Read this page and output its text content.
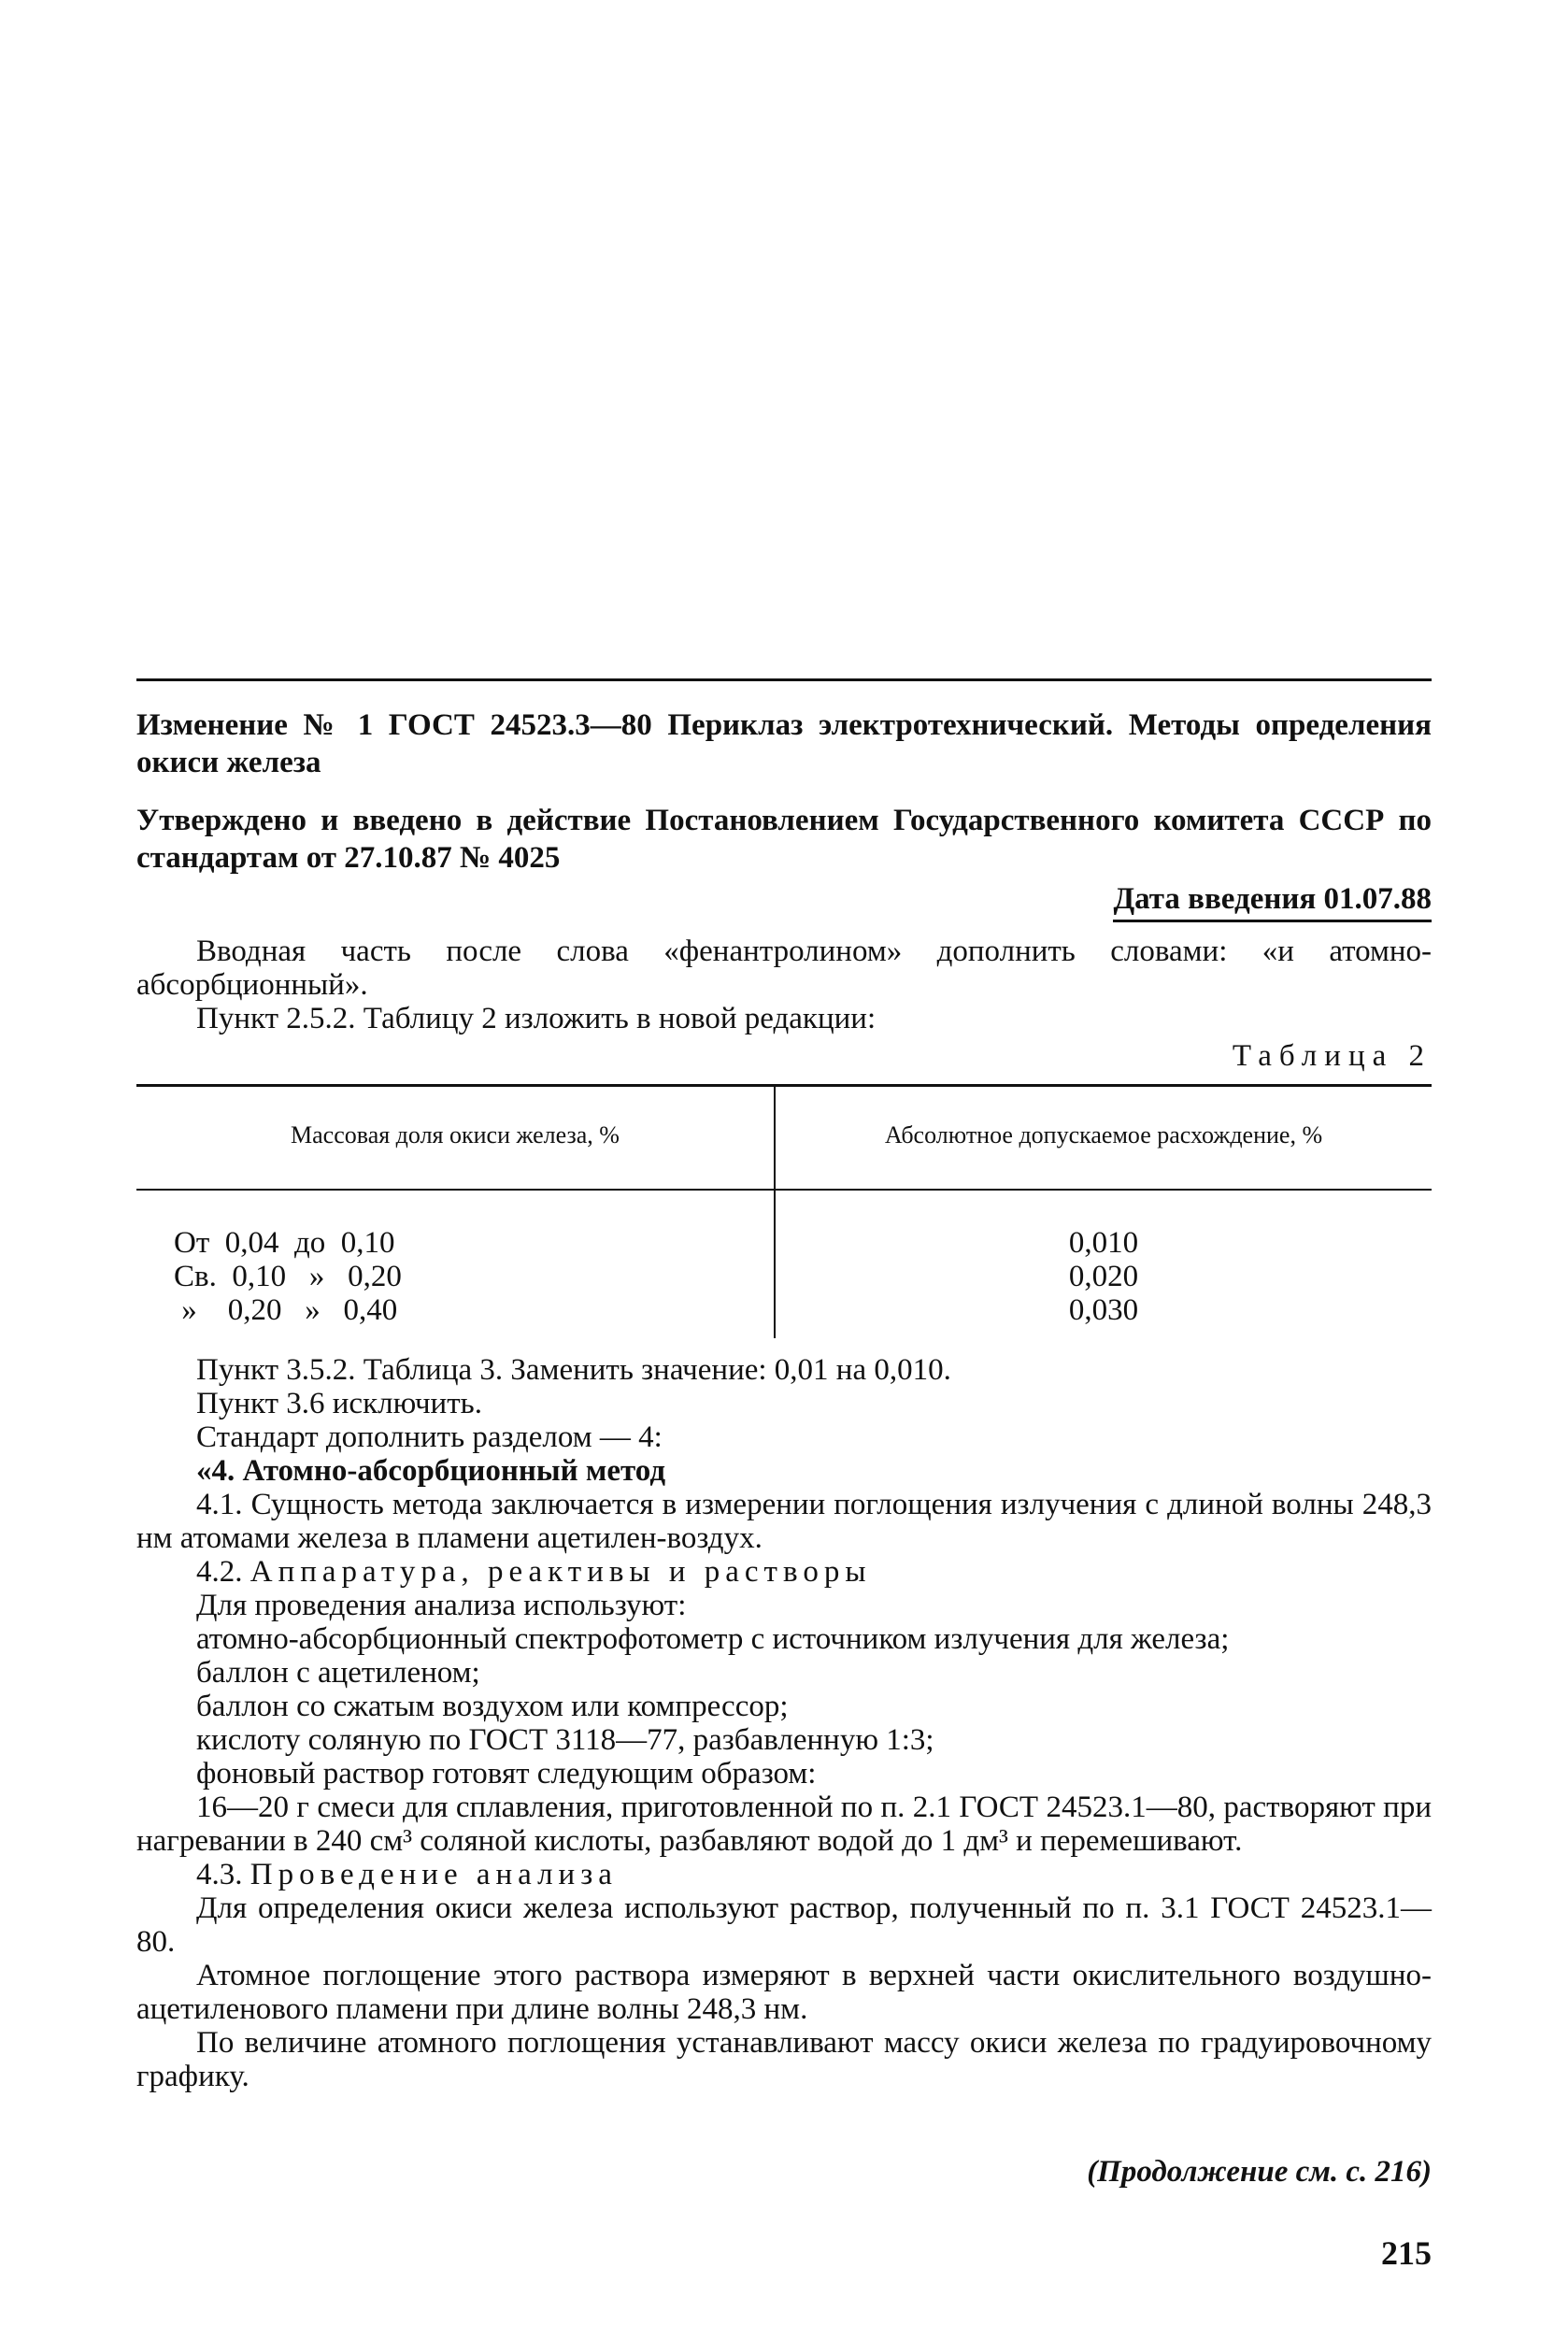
Изменение № 1 ГОСТ 24523.3—80 Периклаз электротехнический. Методы определения окиси железа

Утверждено и введено в действие Постановлением Государственного комитета СССР по стандартам от 27.10.87 № 4025

Дата введения 01.07.88

Вводная часть после слова «фенантролином» дополнить словами: «и атомно-абсорбционный».

Пункт 2.5.2. Таблицу 2 изложить в новой редакции:

Таблица 2
Массовая доля окиси железа, %	Абсолютное допускаемое расхождение, %
От  0,04  до  0,10
Св.  0,10   »   0,20
»    0,20   »   0,40
0,010
0,020
0,030

Пункт 3.5.2. Таблица 3. Заменить значение: 0,01 на 0,010.

Пункт 3.6 исключить.

Стандарт дополнить разделом — 4:

«4. Атомно-абсорбционный метод

4.1. Сущность метода заключается в измерении поглощения излучения с длиной волны 248,3 нм атомами железа в пламени ацетилен-воздух.

4.2. Аппаратура, реактивы и растворы

Для проведения анализа используют:

атомно-абсорбционный спектрофотометр с источником излучения для железа;

баллон с ацетиленом;

баллон со сжатым воздухом или компрессор;

кислоту соляную по ГОСТ 3118—77, разбавленную 1:3;

фоновый раствор готовят следующим образом:

16—20 г смеси для сплавления, приготовленной по п. 2.1 ГОСТ 24523.1—80, растворяют при нагревании в 240 см³ соляной кислоты, разбавляют водой до 1 дм³ и перемешивают.

4.3. Проведение анализа

Для определения окиси железа используют раствор, полученный по п. 3.1 ГОСТ 24523.1—80.

Атомное поглощение этого раствора измеряют в верхней части окислительного воздушно-ацетиленового пламени при длине волны 248,3 нм.

По величине атомного поглощения устанавливают массу окиси железа по градуировочному графику.

(Продолжение см. с. 216)
215
